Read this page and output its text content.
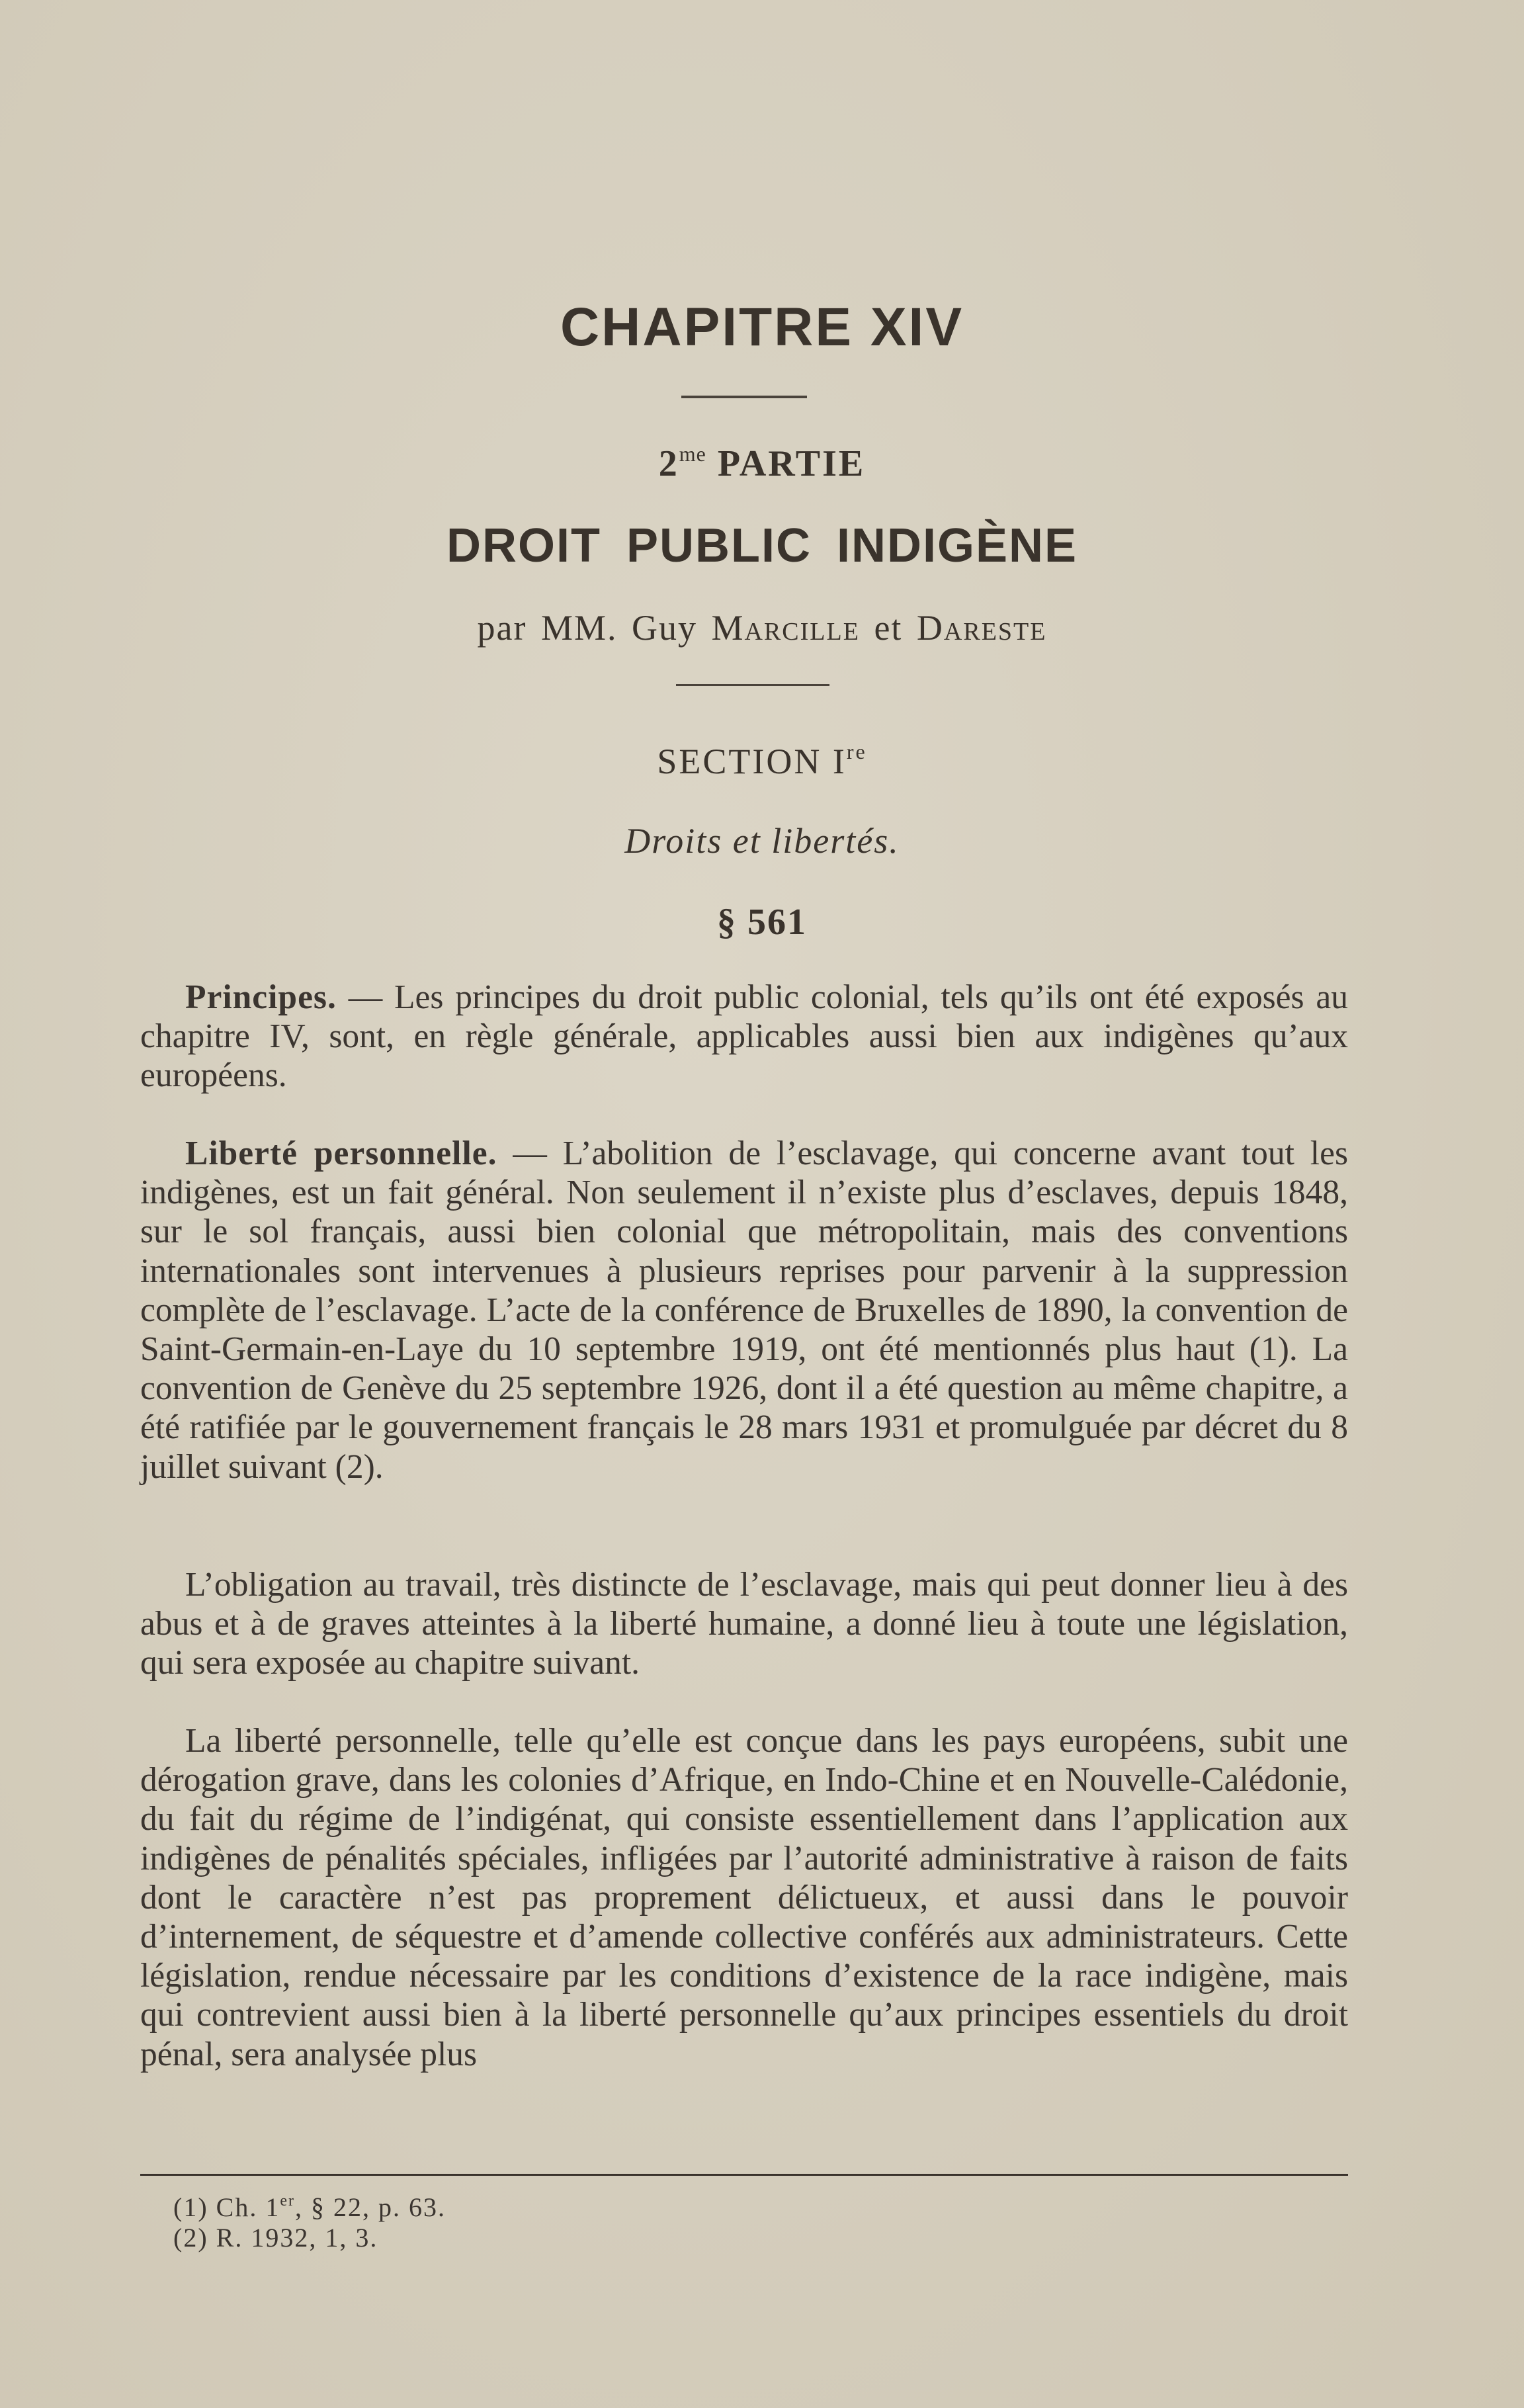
CHAPITRE XIV
$2^{me}$ PARTIE
DROIT PUBLIC INDIGÈNE
par MM. Guy Marcille et Dareste
SECTION Ire
Droits et libertés.
§ 561

Principes. — Les principes du droit public colonial, tels qu’ils ont été exposés au chapitre IV, sont, en règle générale, applicables aussi bien aux indigènes qu’aux européens.

Liberté personnelle. — L’abolition de l’esclavage, qui concerne avant tout les indigènes, est un fait général. Non seulement il n’existe plus d’esclaves, depuis 1848, sur le sol français, aussi bien colonial que métropolitain, mais des conventions internationales sont intervenues à plusieurs reprises pour parvenir à la suppression complète de l’esclavage. L’acte de la conférence de Bruxelles de 1890, la convention de Saint-Germain-en-Laye du 10 septembre 1919, ont été mentionnés plus haut (1). La convention de Genève du 25 septembre 1926, dont il a été question au même chapitre, a été ratifiée par le gouvernement français le 28 mars 1931 et promulguée par décret du 8 juillet suivant (2).

L’obligation au travail, très distincte de l’esclavage, mais qui peut donner lieu à des abus et à de graves atteintes à la liberté humaine, a donné lieu à toute une législation, qui sera exposée au chapitre suivant.

La liberté personnelle, telle qu’elle est conçue dans les pays européens, subit une dérogation grave, dans les colonies d’Afrique, en Indo-Chine et en Nouvelle-Calédonie, du fait du régime de l’indigénat, qui consiste essentiellement dans l’application aux indigènes de pénalités spéciales, infligées par l’autorité administrative à raison de faits dont le caractère n’est pas proprement délictueux, et aussi dans le pouvoir d’internement, de séquestre et d’amende collective conférés aux administrateurs. Cette législation, rendue nécessaire par les conditions d’existence de la race indigène, mais qui contrevient aussi bien à la liberté personnelle qu’aux principes essentiels du droit pénal, sera analysée plus

(1) Ch. 1er, § 22, p. 63.
(2) R. 1932, 1, 3.
